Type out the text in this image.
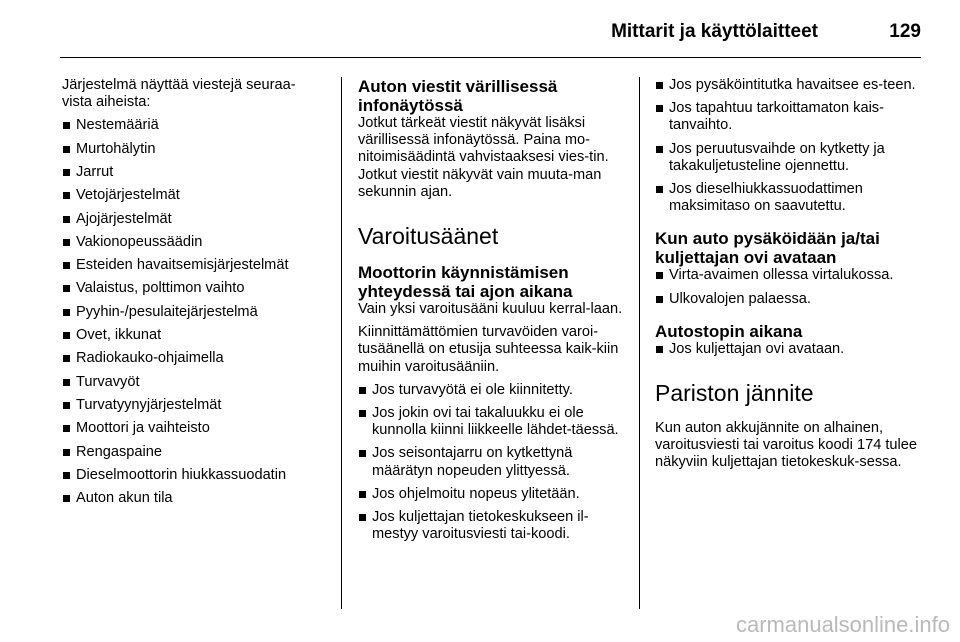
Mittarit ja käyttölaitteet	129

Järjestelmä näyttää viestejä seuraa-vista aiheista:

Nestemääriä
Murtohälytin
Jarrut
Vetojärjestelmät
Ajojärjestelmät
Vakionopeussäädin
Esteiden havaitsemisjärjestelmät
Valaistus, polttimon vaihto
Pyyhin-/pesulaitejärjestelmä
Ovet, ikkunat
Radiokauko-ohjaimella
Turvavyöt
Turvatyynyjärjestelmät
Moottori ja vaihteisto
Rengaspaine
Dieselmoottorin hiukkassuodatin
Auton akun tila
Auton viestit värillisessä infonäytössä

Jotkut tärkeät viestit näkyvät lisäksi värillisessä infonäytössä. Paina mo-nitoimisäädintä vahvistaaksesi vies-tin. Jotkut viestit näkyvät vain muuta-man sekunnin ajan.

Varoitusäänet
Moottorin käynnistämisen yhteydessä tai ajon aikana

Vain yksi varoitusääni kuuluu kerral-laan.

Kiinnittämättömien turvavöiden varoi-tusäänellä on etusija suhteessa kaik-kiin muihin varoitusääniin.

Jos turvavyötä ei ole kiinnitetty.
Jos jokin ovi tai takaluukku ei ole kunnolla kiinni liikkeelle lähdet-täessä.
Jos seisontajarru on kytkettynä määrätyn nopeuden ylittyessä.
Jos ohjelmoitu nopeus ylitetään.
Jos kuljettajan tietokeskukseen il-mestyy varoitusviesti tai-koodi.
Jos pysäköintitutka havaitsee es-teen.
Jos tapahtuu tarkoittamaton kais-tanvaihto.
Jos peruutusvaihde on kytketty ja takakuljetusteline ojennettu.
Jos dieselhiukkassuodattimen maksimitaso on saavutettu.
Kun auto pysäköidään ja/tai kuljettajan ovi avataan
Virta-avaimen ollessa virtalukossa.
Ulkovalojen palaessa.
Autostopin aikana
Jos kuljettajan ovi avataan.
Pariston jännite

Kun auton akkujännite on alhainen, varoitusviesti tai varoitus koodi 174 tulee näkyviin kuljettajan tietokeskuk-sessa.

carmanualsonline.info
